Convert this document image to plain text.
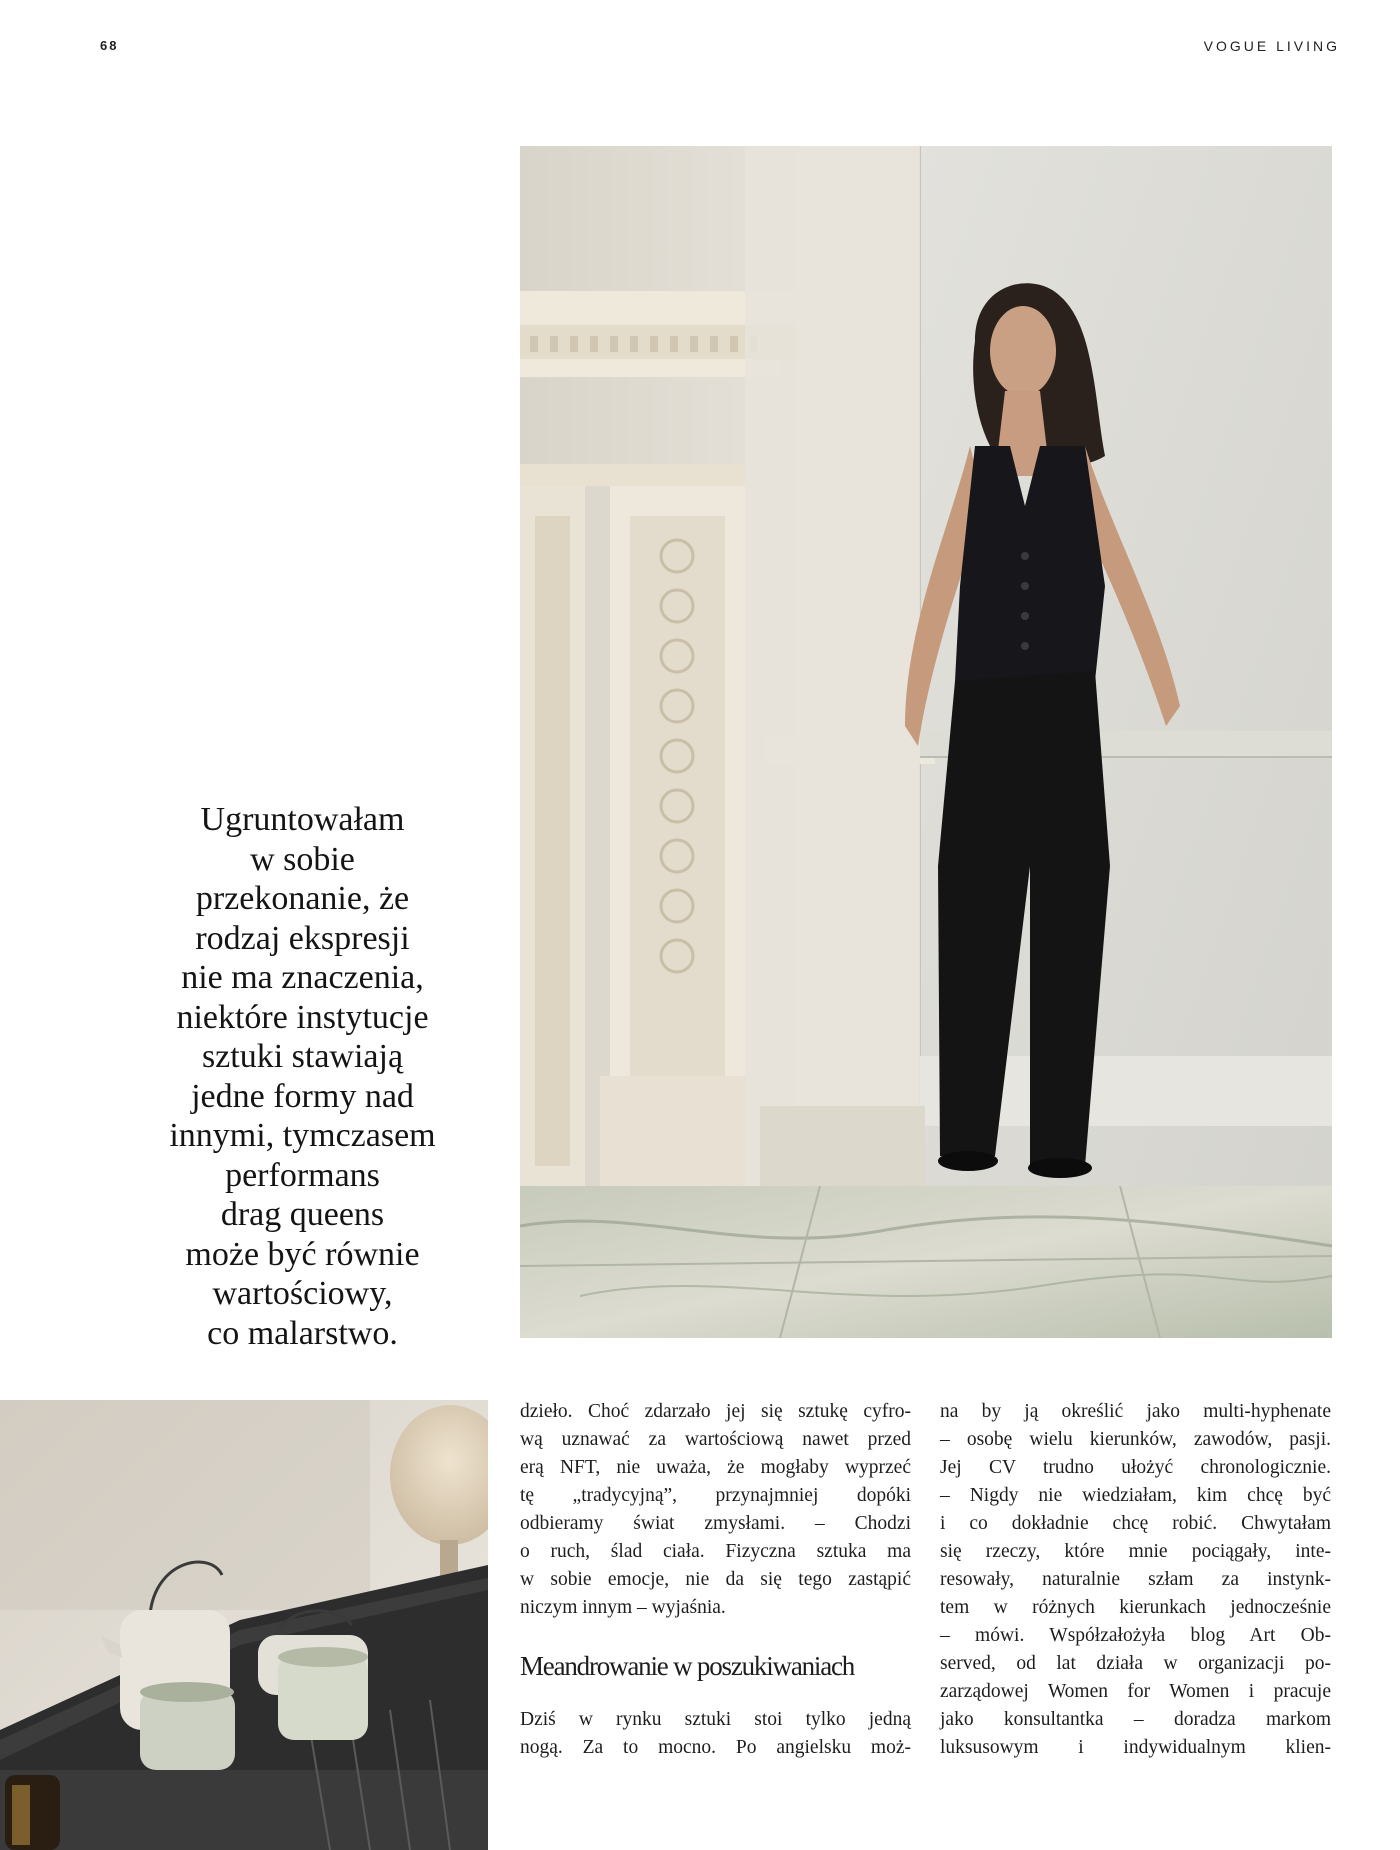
68	VOGUE LIVING
Ugruntowałam
w sobie
przekonanie, że
rodzaj ekspresji
nie ma znaczenia,
niektóre instytucje
sztuki stawiają
jedne formy nad
innymi, tymczasem
performans
drag queens
może być równie
wartościowy,
co malarstwo.
dzieło. Choć zdarzało jej się sztukę cyfro-
wą uznawać za wartościową nawet przed
erą NFT, nie uważa, że mogłaby wyprzeć
tę „tradycyjną”, przynajmniej dopóki
odbieramy świat zmysłami. – Chodzi
o ruch, ślad ciała. Fizyczna sztuka ma
w sobie emocje, nie da się tego zastąpić
niczym innym – wyjaśnia.
Meandrowanie w poszukiwaniach
Dziś w rynku sztuki stoi tylko jedną
nogą. Za to mocno. Po angielsku moż-
na by ją określić jako multi-hyphenate
– osobę wielu kierunków, zawodów, pasji.
Jej CV trudno ułożyć chronologicznie.
– Nigdy nie wiedziałam, kim chcę być
i co dokładnie chcę robić. Chwytałam
się rzeczy, które mnie pociągały, inte-
resowały, naturalnie szłam za instynk-
tem w różnych kierunkach jednocześnie
– mówi. Współzałożyła blog Art Ob-
served, od lat działa w organizacji po-
zarządowej Women for Women i pracuje
jako konsultantka – doradza markom
luksusowym i indywidualnym klien-
